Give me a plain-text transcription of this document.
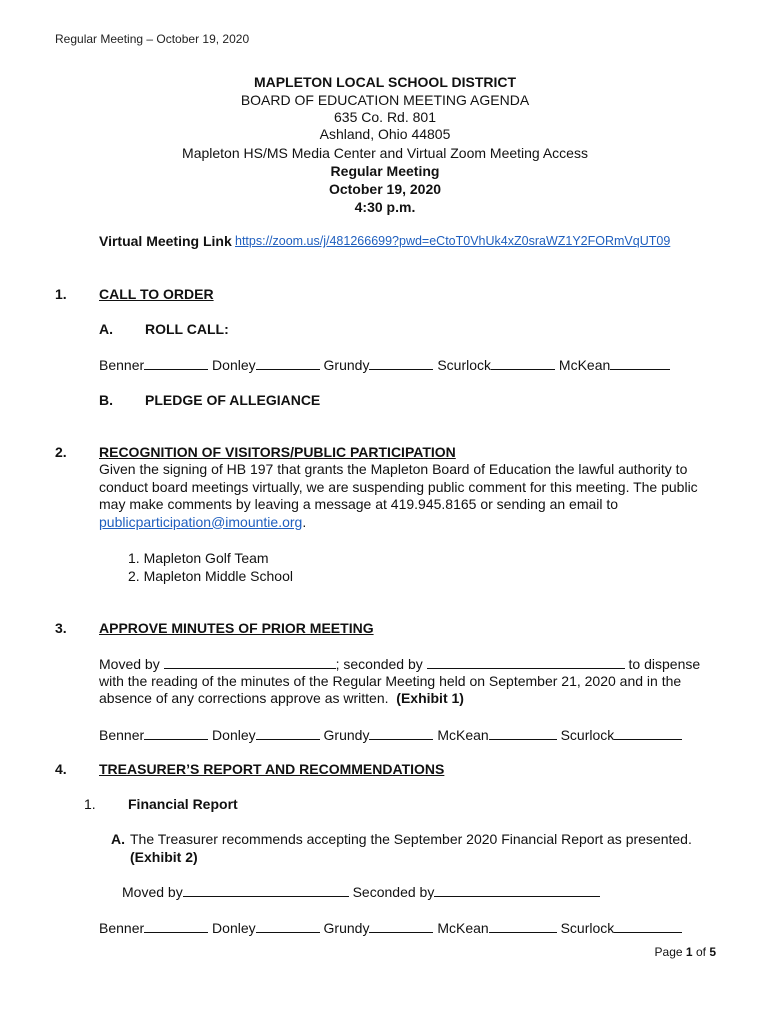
Regular Meeting – October 19, 2020
MAPLETON LOCAL SCHOOL DISTRICT
BOARD OF EDUCATION MEETING AGENDA
635 Co. Rd. 801
Ashland, Ohio 44805
Mapleton HS/MS Media Center and Virtual Zoom Meeting Access
Regular Meeting
October 19, 2020
4:30 p.m.
Virtual Meeting Link https://zoom.us/j/481266699?pwd=eCtoT0VhUk4xZ0sraWZ1Y2FORmVqUT09
1. CALL TO ORDER
A. ROLL CALL:
Benner	Donley	Grundy	Scurlock	McKean
B. PLEDGE OF ALLEGIANCE
2. RECOGNITION OF VISITORS/PUBLIC PARTICIPATION
Given the signing of HB 197 that grants the Mapleton Board of Education the lawful authority to conduct board meetings virtually, we are suspending public comment for this meeting. The public may make comments by leaving a message at 419.945.8165 or sending an email to publicparticipation@imountie.org.
1. Mapleton Golf Team
2. Mapleton Middle School
3. APPROVE MINUTES OF PRIOR MEETING
Moved by	; seconded by	to dispense
with the reading of the minutes of the Regular Meeting held on September 21, 2020 and in the
absence of any corrections approve as written. (Exhibit 1)
Benner	Donley	Grundy	McKean	Scurlock
4. TREASURER’S REPORT AND RECOMMENDATIONS
1. Financial Report
A. The Treasurer recommends accepting the September 2020 Financial Report as presented.
(Exhibit 2)
Moved by	Seconded by
Benner	Donley	Grundy	McKean	Scurlock
Page 1 of 5
